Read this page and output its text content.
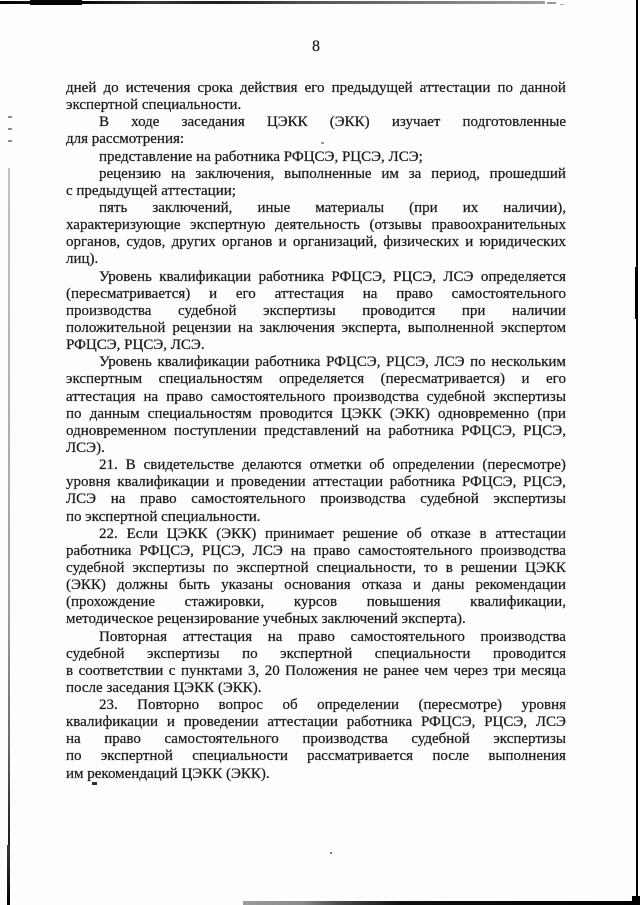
8
дней до истечения срока действия его предыдущей аттестации по данной
экспертной специальности.
В ходе заседания ЦЭКК (ЭКК) изучает подготовленные
для рассмотрения:
представление на работника РФЦСЭ, РЦСЭ, ЛСЭ;
рецензию на заключения, выполненные им за период, прошедший
с предыдущей аттестации;
пять заключений, иные материалы (при их наличии),
характеризующие экспертную деятельность (отзывы правоохранительных
органов, судов, других органов и организаций, физических и юридических
лиц).
Уровень квалификации работника РФЦСЭ, РЦСЭ, ЛСЭ определяется
(пересматривается) и его аттестация на право самостоятельного
производства судебной экспертизы проводится при наличии
положительной рецензии на заключения эксперта, выполненной экспертом
РФЦСЭ, РЦСЭ, ЛСЭ.
Уровень квалификации работника РФЦСЭ, РЦСЭ, ЛСЭ по нескольким
экспертным специальностям определяется (пересматривается) и его
аттестация на право самостоятельного производства судебной экспертизы
по данным специальностям проводится ЦЭКК (ЭКК) одновременно (при
одновременном поступлении представлений на работника РФЦСЭ, РЦСЭ,
ЛСЭ).
21. В свидетельстве делаются отметки об определении (пересмотре)
уровня квалификации и проведении аттестации работника РФЦСЭ, РЦСЭ,
ЛСЭ на право самостоятельного производства судебной экспертизы
по экспертной специальности.
22. Если ЦЭКК (ЭКК) принимает решение об отказе в аттестации
работника РФЦСЭ, РЦСЭ, ЛСЭ на право самостоятельного производства
судебной экспертизы по экспертной специальности, то в решении ЦЭКК
(ЭКК) должны быть указаны основания отказа и даны рекомендации
(прохождение стажировки, курсов повышения квалификации,
методическое рецензирование учебных заключений эксперта).
Повторная аттестация на право самостоятельного производства
судебной экспертизы по экспертной специальности проводится
в соответствии с пунктами 3, 20 Положения не ранее чем через три месяца
после заседания ЦЭКК (ЭКК).
23. Повторно вопрос об определении (пересмотре) уровня
квалификации и проведении аттестации работника РФЦСЭ, РЦСЭ, ЛСЭ
на право самостоятельного производства судебной экспертизы
по экспертной специальности рассматривается после выполнения
им рекомендаций ЦЭКК (ЭКК).
